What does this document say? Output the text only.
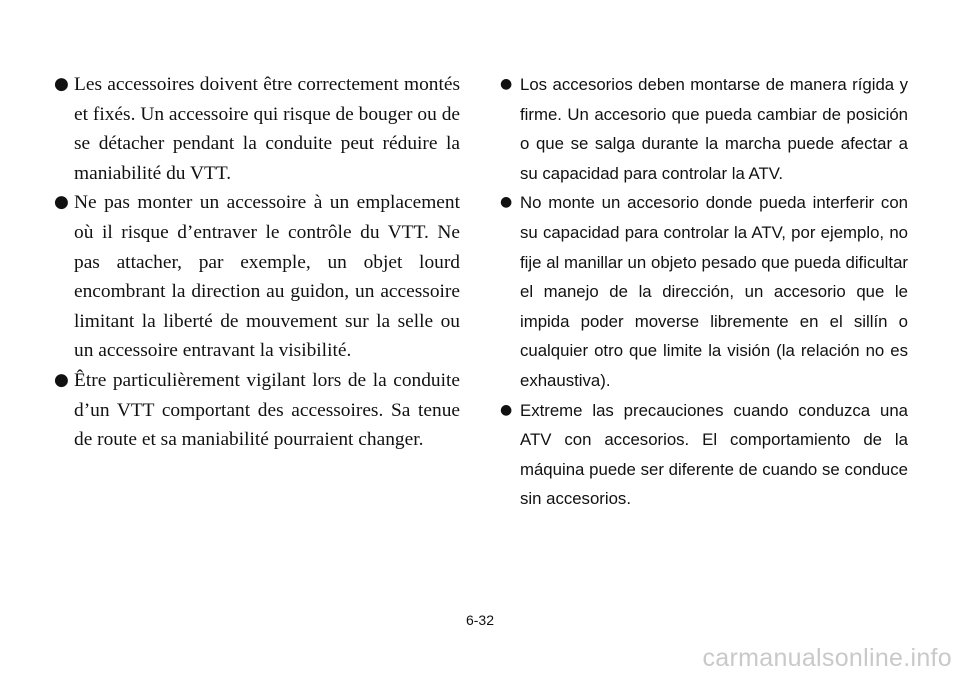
● Les accessoires doivent être correctement montés et fixés. Un accessoire qui risque de bouger ou de se détacher pendant la conduite peut réduire la maniabilité du VTT.

● Ne pas monter un accessoire à un emplacement où il risque d’entraver le contrôle du VTT. Ne pas attacher, par exemple, un objet lourd encombrant la direction au guidon, un accessoire limitant la liberté de mouvement sur la selle ou un accessoire entravant la visibilité.

● Être particulièrement vigilant lors de la conduite d’un VTT comportant des accessoires. Sa tenue de route et sa maniabilité pourraient changer.

● Los accesorios deben montarse de manera rígida y firme. Un accesorio que pueda cambiar de posición o que se salga durante la marcha puede afectar a su capacidad para controlar la ATV.

● No monte un accesorio donde pueda interferir con su capacidad para controlar la ATV, por ejemplo, no fije al manillar un objeto pesado que pueda dificultar el manejo de la dirección, un accesorio que le impida poder moverse libremente en el sillín o cualquier otro que limite la visión (la relación no es exhaustiva).

● Extreme las precauciones cuando conduzca una ATV con accesorios. El comportamiento de la máquina puede ser diferente de cuando se conduce sin accesorios.

6-32
carmanualsonline.info
